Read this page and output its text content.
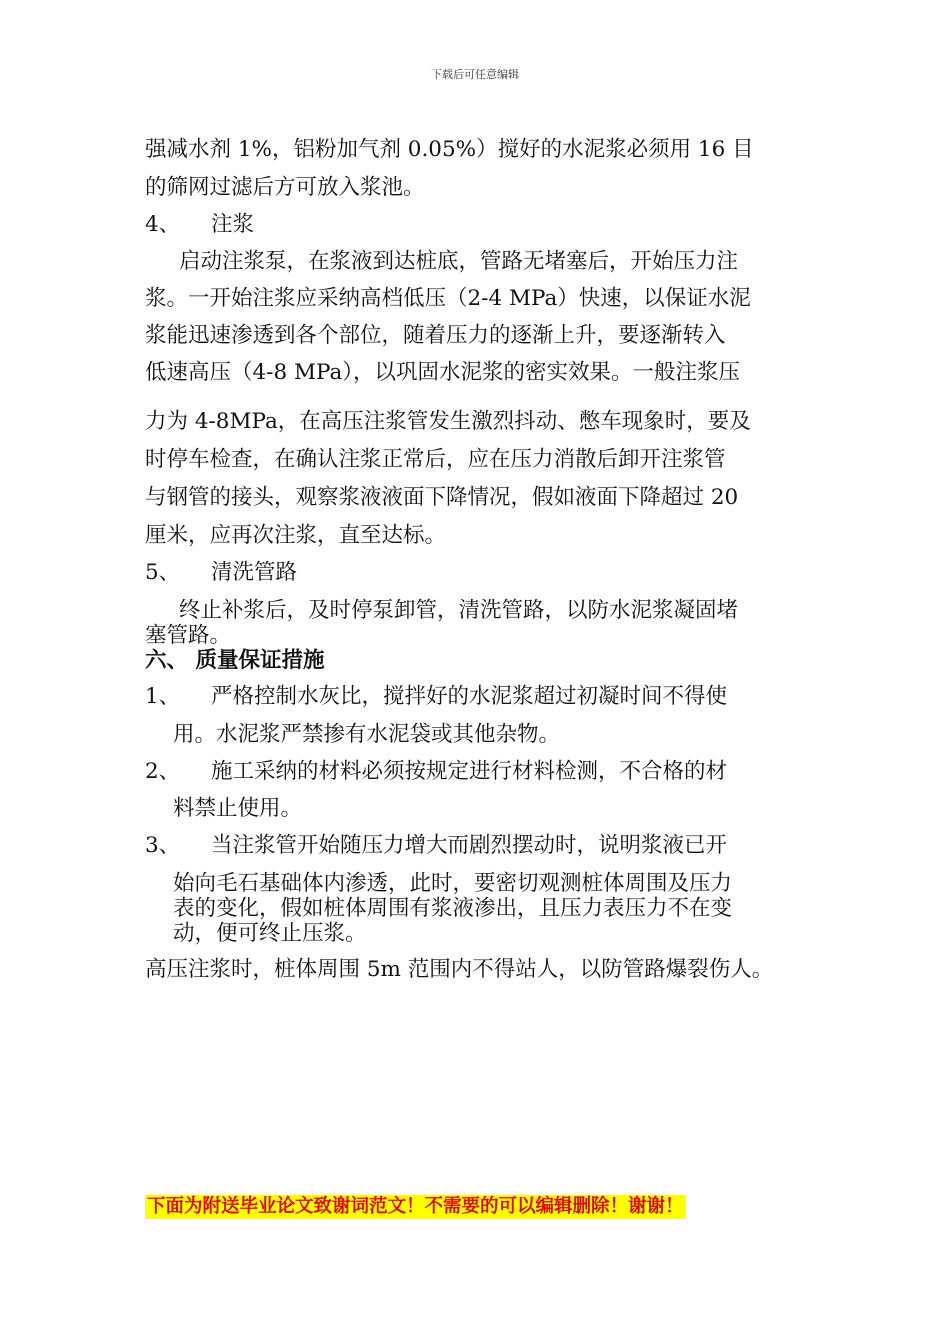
下载后可任意编辑
强减水剂 1%，铝粉加气剂 0.05%）搅好的水泥浆必须用 16 目
的筛网过滤后方可放入浆池。
4、 注浆
启动注浆泵，在浆液到达桩底，管路无堵塞后，开始压力注
浆。一开始注浆应采纳高档低压（2-4 MPa）快速，以保证水泥
浆能迅速渗透到各个部位，随着压力的逐渐上升，要逐渐转入
低速高压（4-8 MPa），以巩固水泥浆的密实效果。一般注浆压
力为 4-8MPa，在高压注浆管发生激烈抖动、憋车现象时，要及
时停车检查，在确认注浆正常后，应在压力消散后卸开注浆管
与钢管的接头，观察浆液液面下降情况，假如液面下降超过 20
厘米，应再次注浆，直至达标。
5、 清洗管路
终止补浆后，及时停泵卸管，清洗管路，以防水泥浆凝固堵
塞管路。
六、 质量保证措施
1、 严格控制水灰比，搅拌好的水泥浆超过初凝时间不得使
用。水泥浆严禁掺有水泥袋或其他杂物。
2、 施工采纳的材料必须按规定进行材料检测，不合格的材
料禁止使用。
3、 当注浆管开始随压力增大而剧烈摆动时，说明浆液已开
始向毛石基础体内渗透，此时，要密切观测桩体周围及压力
表的变化，假如桩体周围有浆液渗出，且压力表压力不在变
动，便可终止压浆。
高压注浆时，桩体周围 5m 范围内不得站人，以防管路爆裂伤人。
下面为附送毕业论文致谢词范文！不需要的可以编辑删除！谢谢！
